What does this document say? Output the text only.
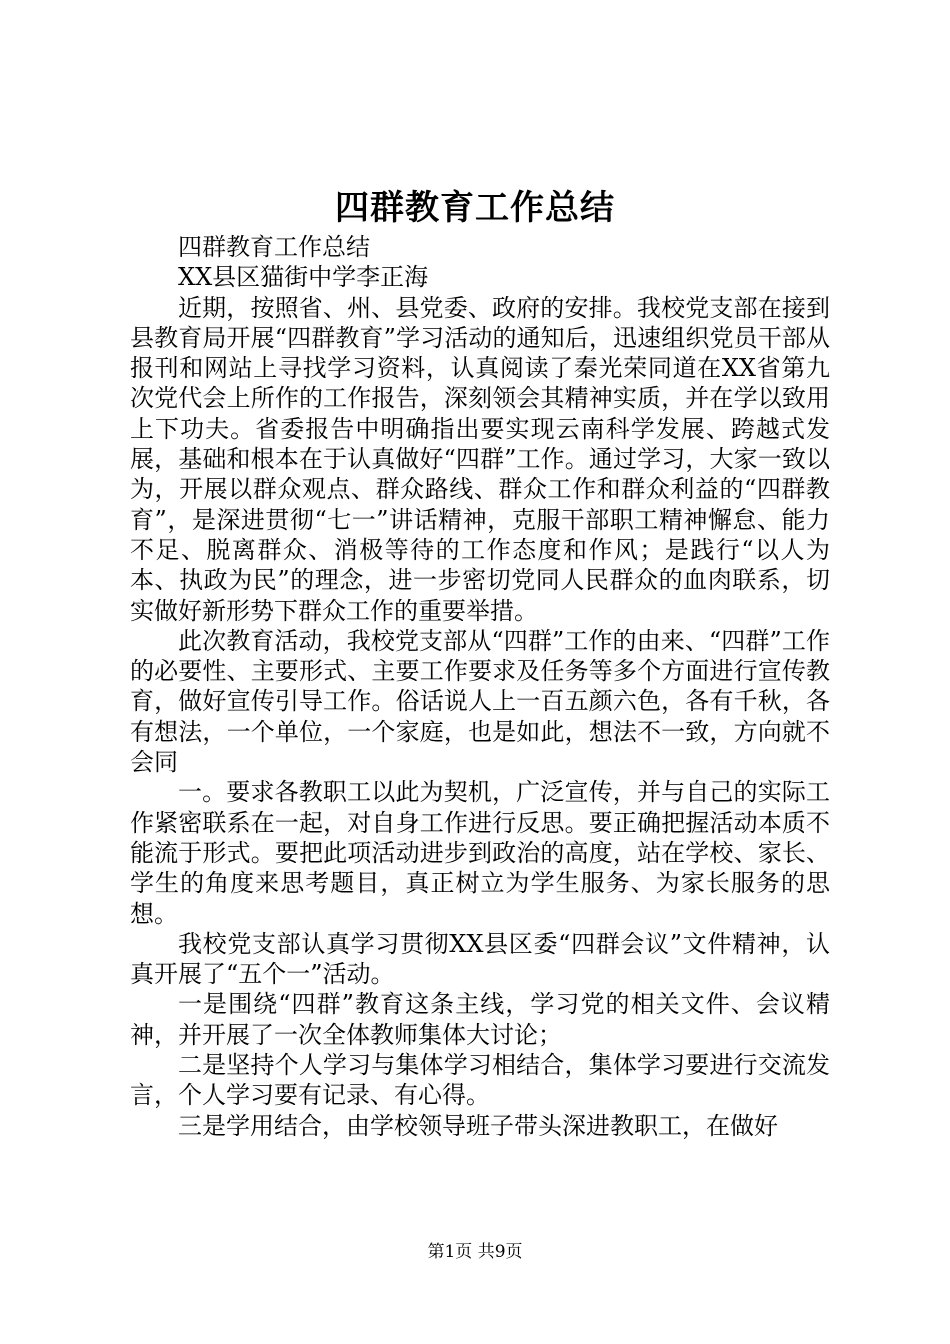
四群教育工作总结

四群教育工作总结

XX县区猫街中学李正海

近期，按照省、州、县党委、政府的安排。我校党支部在接到县教育局开展“四群教育”学习活动的通知后，迅速组织党员干部从报刊和网站上寻找学习资料，认真阅读了秦光荣同道在XX省第九次党代会上所作的工作报告，深刻领会其精神实质，并在学以致用上下功夫。省委报告中明确指出要实现云南科学发展、跨越式发展，基础和根本在于认真做好“四群”工作。通过学习，大家一致以为，开展以群众观点、群众路线、群众工作和群众利益的“四群教育”，是深进贯彻“七一”讲话精神，克服干部职工精神懈怠、能力不足、脱离群众、消极等待的工作态度和作风；是践行“以人为本、执政为民”的理念，进一步密切党同人民群众的血肉联系，切实做好新形势下群众工作的重要举措。

此次教育活动，我校党支部从“四群”工作的由来、“四群”工作的必要性、主要形式、主要工作要求及任务等多个方面进行宣传教育，做好宣传引导工作。俗话说人上一百五颜六色，各有千秋，各有想法，一个单位，一个家庭，也是如此，想法不一致，方向就不会同

一。要求各教职工以此为契机，广泛宣传，并与自己的实际工作紧密联系在一起，对自身工作进行反思。要正确把握活动本质不能流于形式。要把此项活动进步到政治的高度，站在学校、家长、学生的角度来思考题目，真正树立为学生服务、为家长服务的思想。

我校党支部认真学习贯彻XX县区委“四群会议”文件精神，认真开展了“五个一”活动。

一是围绕“四群”教育这条主线，学习党的相关文件、会议精神，并开展了一次全体教师集体大讨论；

二是坚持个人学习与集体学习相结合，集体学习要进行交流发言，个人学习要有记录、有心得。

三是学用结合，由学校领导班子带头深进教职工，在做好

第1页 共9页
